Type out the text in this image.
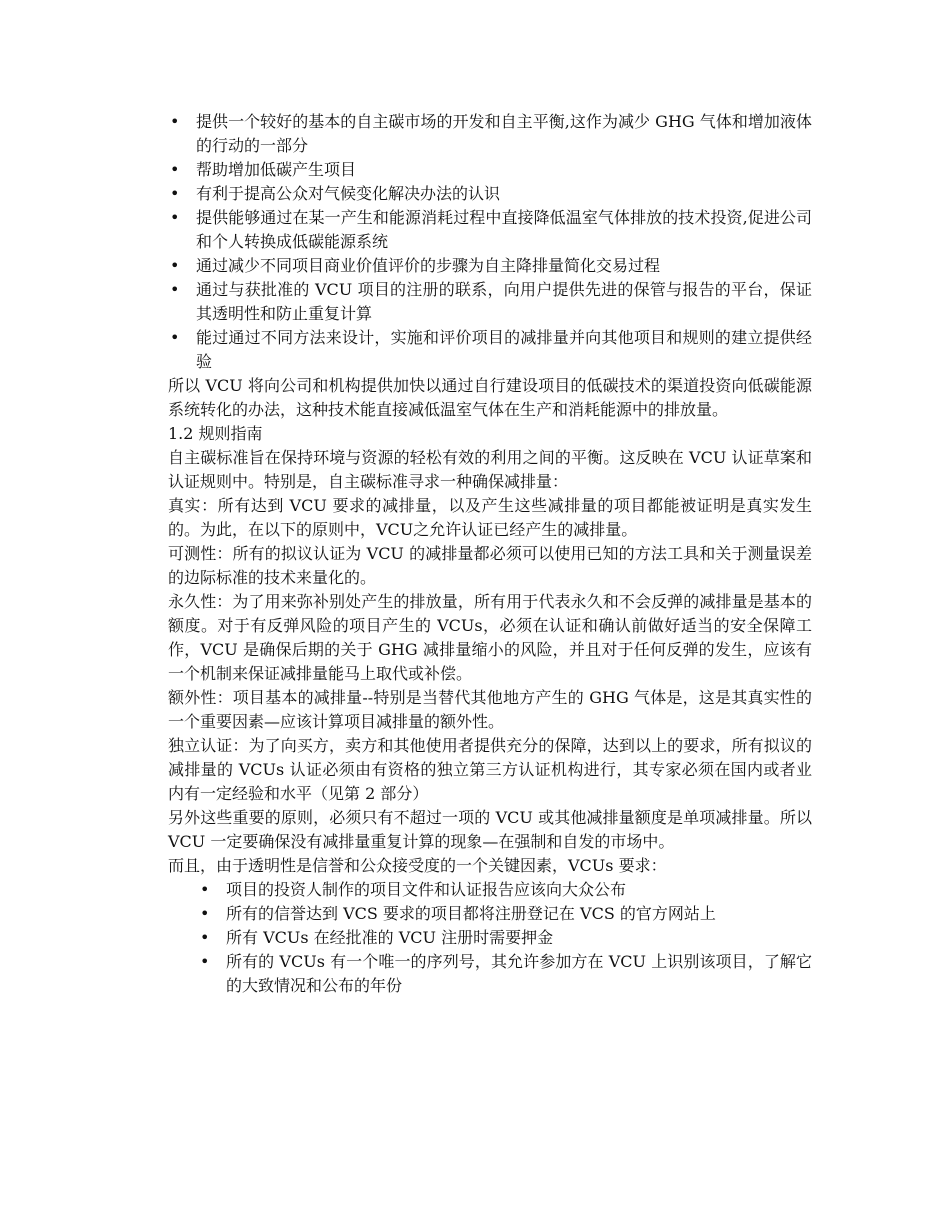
• 提供一个较好的基本的自主碳市场的开发和自主平衡,这作为减少 GHG 气体和增加液体的行动的一部分
• 帮助增加低碳产生项目
• 有利于提高公众对气候变化解决办法的认识
• 提供能够通过在某一产生和能源消耗过程中直接降低温室气体排放的技术投资,促进公司和个人转换成低碳能源系统
• 通过减少不同项目商业价值评价的步骤为自主降排量简化交易过程
• 通过与获批准的 VCU 项目的注册的联系，向用户提供先进的保管与报告的平台，保证其透明性和防止重复计算
• 能过通过不同方法来设计，实施和评价项目的减排量并向其他项目和规则的建立提供经验

所以 VCU 将向公司和机构提供加快以通过自行建设项目的低碳技术的渠道投资向低碳能源系统转化的办法，这种技术能直接减低温室气体在生产和消耗能源中的排放量。

1.2 规则指南

自主碳标准旨在保持环境与资源的轻松有效的利用之间的平衡。这反映在 VCU 认证草案和认证规则中。特别是，自主碳标准寻求一种确保减排量：

真实：所有达到 VCU 要求的减排量，以及产生这些减排量的项目都能被证明是真实发生的。为此，在以下的原则中，VCU之允许认证已经产生的减排量。

可测性：所有的拟议认证为 VCU 的减排量都必须可以使用已知的方法工具和关于测量误差的边际标准的技术来量化的。

永久性：为了用来弥补别处产生的排放量，所有用于代表永久和不会反弹的减排量是基本的额度。对于有反弹风险的项目产生的 VCUs，必须在认证和确认前做好适当的安全保障工作，VCU 是确保后期的关于 GHG 减排量缩小的风险，并且对于任何反弹的发生，应该有一个机制来保证减排量能马上取代或补偿。

额外性：项目基本的减排量--特别是当替代其他地方产生的 GHG 气体是，这是其真实性的一个重要因素—应该计算项目减排量的额外性。

独立认证：为了向买方，卖方和其他使用者提供充分的保障，达到以上的要求，所有拟议的减排量的 VCUs 认证必须由有资格的独立第三方认证机构进行，其专家必须在国内或者业内有一定经验和水平（见第 2 部分）

另外这些重要的原则，必须只有不超过一项的 VCU 或其他减排量额度是单项减排量。所以 VCU 一定要确保没有减排量重复计算的现象—在强制和自发的市场中。

而且，由于透明性是信誉和公众接受度的一个关键因素，VCUs 要求：

• 项目的投资人制作的项目文件和认证报告应该向大众公布
• 所有的信誉达到 VCS 要求的项目都将注册登记在 VCS 的官方网站上
• 所有 VCUs 在经批准的 VCU 注册时需要押金
• 所有的 VCUs 有一个唯一的序列号，其允许参加方在 VCU 上识别该项目，了解它的大致情况和公布的年份
